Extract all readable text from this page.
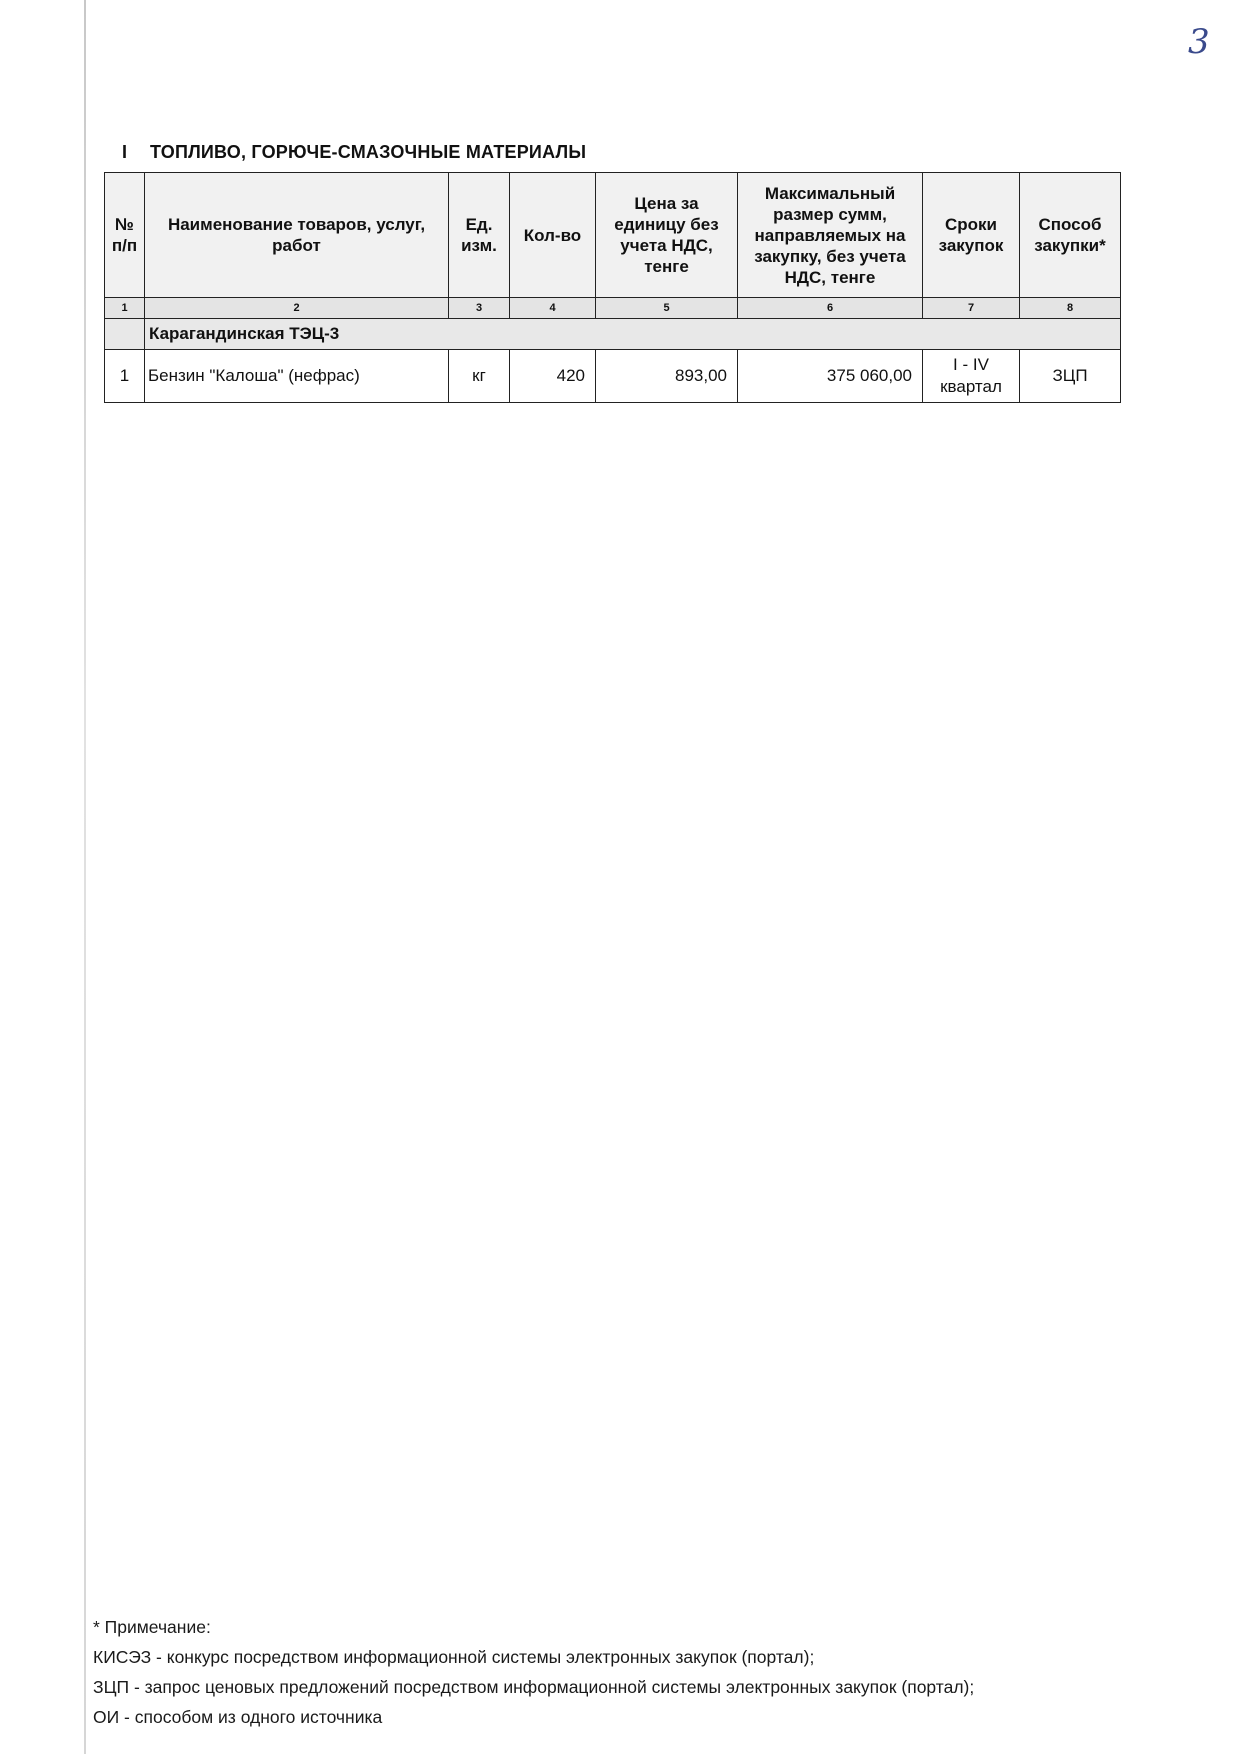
3
I ТОПЛИВО, ГОРЮЧЕ-СМАЗОЧНЫЕ МАТЕРИАЛЫ
№ п/п	Наименование товаров, услуг, работ	Ед. изм.	Кол-во	Цена за единицу без учета НДС, тенге	Максимальный размер сумм, направляемых на закупку, без учета НДС, тенге	Сроки закупок	Способ закупки*
1	2	3	4	5	6	7	8
	Карагандинская ТЭЦ-3						
1	Бензин "Калоша" (нефрас)	кг	420	893,00	375 060,00	I - IV квартал	ЗЦП
* Примечание:
КИСЭЗ - конкурс посредством информационной системы электронных закупок (портал);
ЗЦП - запрос ценовых предложений посредством информационной системы электронных закупок (портал);
ОИ - способом из одного источника
